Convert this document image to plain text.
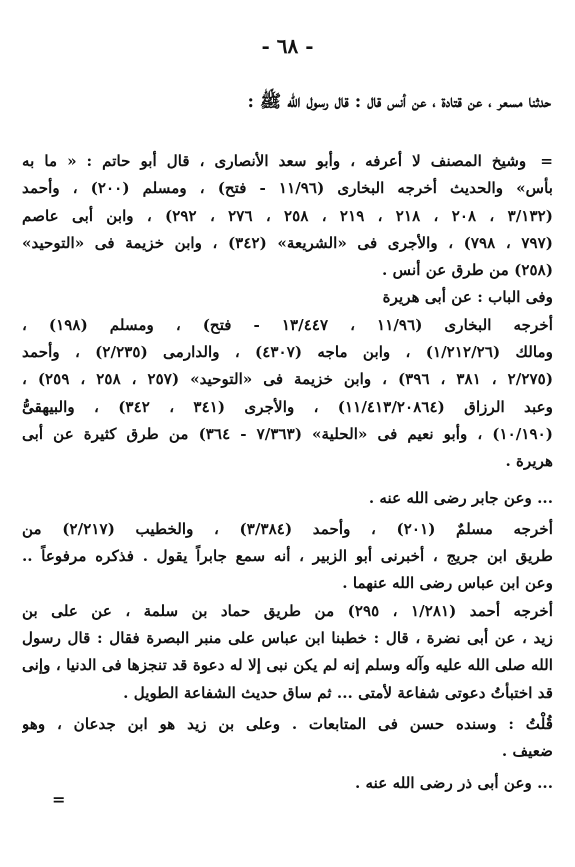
- ٦٨ -
حدثنا مسعر ، عن قتادة ، عن أنس قال : قال رسول الله ﷺ :
=وشيخ المصنف لا أعرفه ، وأبو سعد الأنصارى ، قال أبو حاتم : « ما به
بأس» والحديث أخرجه البخارى (١١/٩٦ - فتح) ، ومسلم (٢٠٠) ، وأحمد
(٣/١٣٢ ، ٢٠٨ ، ٢١٨ ، ٢١٩ ، ٢٥٨ ، ٢٧٦ ، ٢٩٢) ، وابن أبى عاصم
(٧٩٧ ، ٧٩٨) ، والأجرى فى «الشريعة» (٣٤٢) ، وابن خزيمة فى «التوحيد»
(٢٥٨) من طرق عن أنس .
وفى الباب : عن أبى هريرة
أخرجه البخارى (١١/٩٦ ، ١٣/٤٤٧ - فتح) ، ومسلم (١٩٨) ،
ومالك (١/٢١٢/٢٦) ، وابن ماجه (٤٣٠٧) ، والدارمى (٢/٢٣٥) ، وأحمد
(٢/٢٧٥ ، ٣٨١ ، ٣٩٦) ، وابن خزيمة فى «التوحيد» (٢٥٧ ، ٢٥٨ ، ٢٥٩) ،
وعبد الرزاق (١١/٤١٣/٢٠٨٦٤) ، والأجرى (٣٤١ ، ٣٤٢) ، والبيهقىُّ
(١٠/١٩٠) ، وأبو نعيم فى «الحلية» (٧/٣٦٣ - ٣٦٤) من طرق كثيرة عن أبى
هريرة .
... وعن جابر رضى الله عنه .
أخرجه مسلمٌ (٢٠١) ، وأحمد (٣/٣٨٤) ، والخطيب (٢/٢١٧) من
طريق ابن جريج ، أخبرنى أبو الزبير ، أنه سمع جابراً يقول . فذكره مرفوعاً ..
وعن ابن عباس رضى الله عنهما .
أخرجه أحمد (١/٢٨١ ، ٢٩٥) من طريق حماد بن سلمة ، عن على بن
زيد ، عن أبى نضرة ، قال : خطبنا ابن عباس على منبر البصرة فقال : قال رسول
الله صلى الله عليه وآله وسلم إنه لم يكن نبى إلا له دعوة قد تنجزها فى الدنيا ، وإنى
قد اختبأتُ دعوتى شفاعة لأمتى ... ثم ساق حديث الشفاعة الطويل .
قُلْتُ : وسنده حسن فى المتابعات . وعلى بن زيد هو ابن جدعان ، وهو
ضعيف .
... وعن أبى ذر رضى الله عنه .
=
